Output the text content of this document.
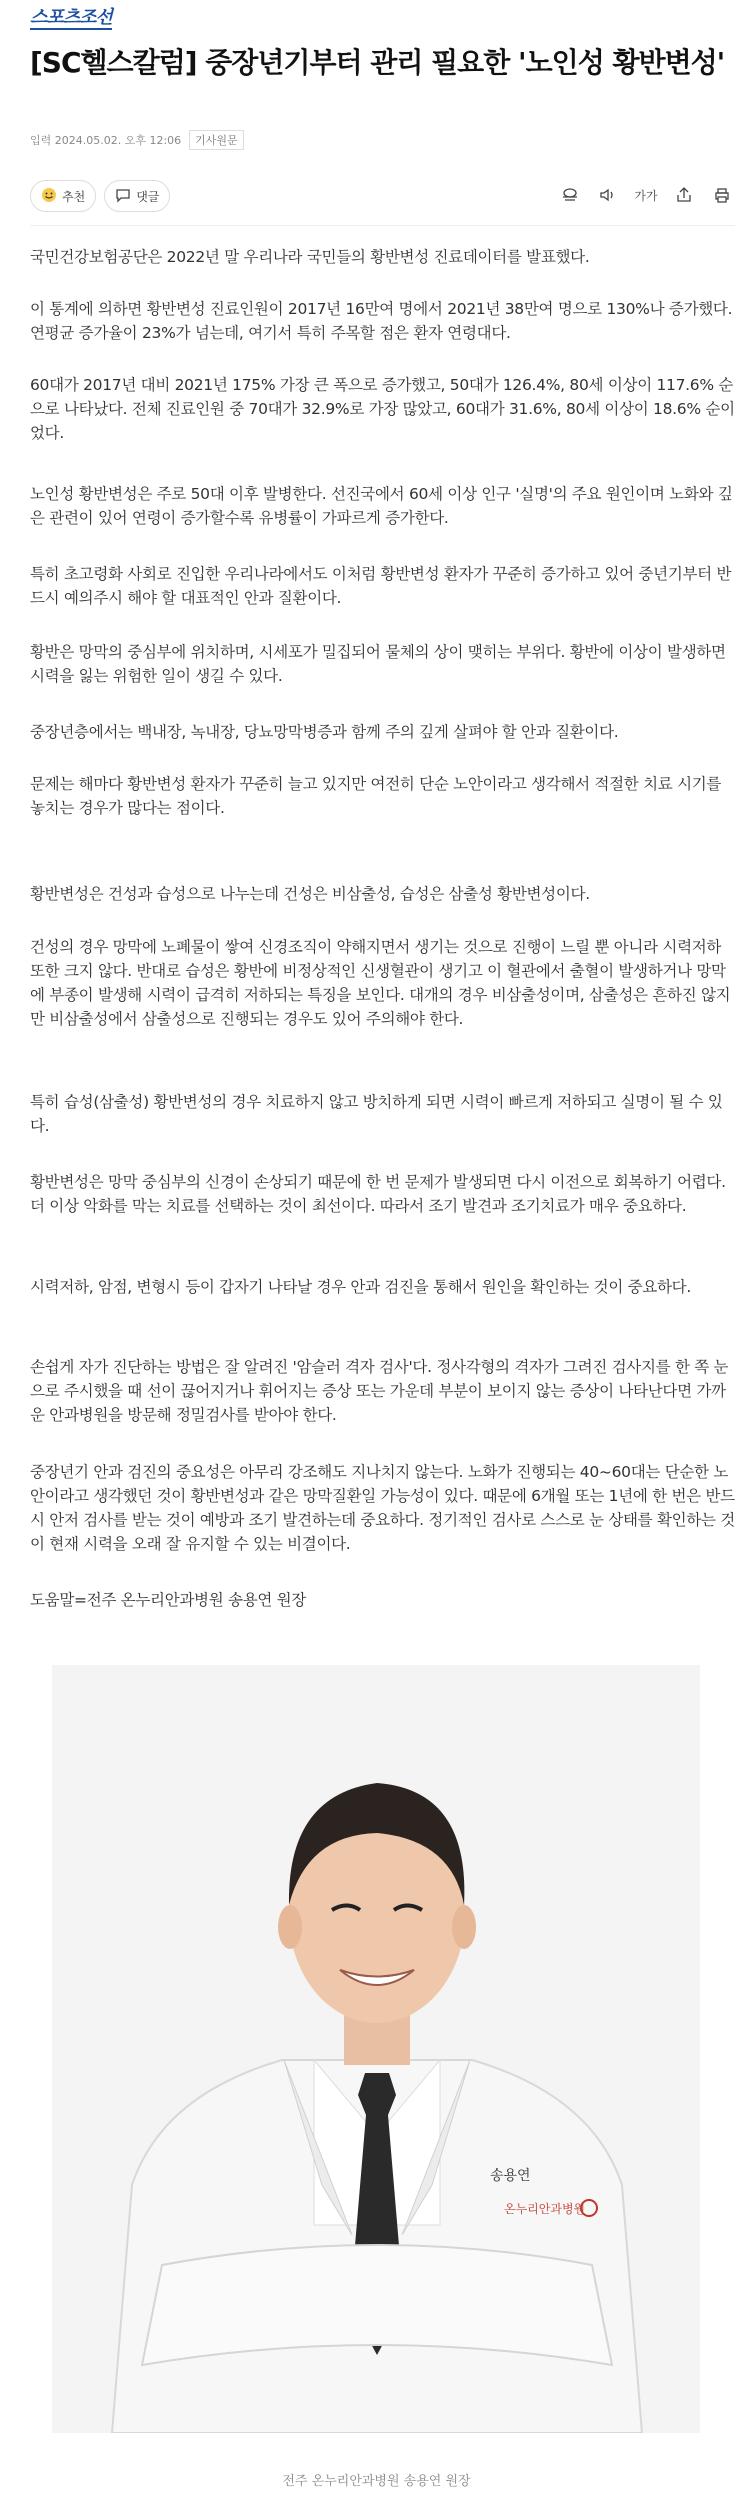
스포츠조선
[SC헬스칼럼] 중장년기부터 관리 필요한 '노인성 황반변성'
입력 2024.05.02. 오후 12:06	기사원문
추천	댓글	가가

국민건강보험공단은 2022년 말 우리나라 국민들의 황반변성 진료데이터를 발표했다.

이 통계에 의하면 황반변성 진료인원이 2017년 16만여 명에서 2021년 38만여 명으로 130%나 증가했다. 연평균 증가율이 23%가 넘는데, 여기서 특히 주목할 점은 환자 연령대다.

60대가 2017년 대비 2021년 175% 가장 큰 폭으로 증가했고, 50대가 126.4%, 80세 이상이 117.6% 순으로 나타났다. 전체 진료인원 중 70대가 32.9%로 가장 많았고, 60대가 31.6%, 80세 이상이 18.6% 순이었다.

노인성 황반변성은 주로 50대 이후 발병한다. 선진국에서 60세 이상 인구 '실명'의 주요 원인이며 노화와 깊은 관련이 있어 연령이 증가할수록 유병률이 가파르게 증가한다.

특히 초고령화 사회로 진입한 우리나라에서도 이처럼 황반변성 환자가 꾸준히 증가하고 있어 중년기부터 반드시 예의주시 해야 할 대표적인 안과 질환이다.

황반은 망막의 중심부에 위치하며, 시세포가 밀집되어 물체의 상이 맺히는 부위다. 황반에 이상이 발생하면 시력을 잃는 위험한 일이 생길 수 있다.

중장년층에서는 백내장, 녹내장, 당뇨망막병증과 함께 주의 깊게 살펴야 할 안과 질환이다.

문제는 해마다 황반변성 환자가 꾸준히 늘고 있지만 여전히 단순 노안이라고 생각해서 적절한 치료 시기를 놓치는 경우가 많다는 점이다.

황반변성은 건성과 습성으로 나누는데 건성은 비삼출성, 습성은 삼출성 황반변성이다.

건성의 경우 망막에 노폐물이 쌓여 신경조직이 약해지면서 생기는 것으로 진행이 느릴 뿐 아니라 시력저하 또한 크지 않다. 반대로 습성은 황반에 비정상적인 신생혈관이 생기고 이 혈관에서 출혈이 발생하거나 망막에 부종이 발생해 시력이 급격히 저하되는 특징을 보인다. 대개의 경우 비삼출성이며, 삼출성은 흔하진 않지만 비삼출성에서 삼출성으로 진행되는 경우도 있어 주의해야 한다.

특히 습성(삼출성) 황반변성의 경우 치료하지 않고 방치하게 되면 시력이 빠르게 저하되고 실명이 될 수 있다.

황반변성은 망막 중심부의 신경이 손상되기 때문에 한 번 문제가 발생되면 다시 이전으로 회복하기 어렵다. 더 이상 악화를 막는 치료를 선택하는 것이 최선이다. 따라서 조기 발견과 조기치료가 매우 중요하다.

시력저하, 암점, 변형시 등이 갑자기 나타날 경우 안과 검진을 통해서 원인을 확인하는 것이 중요하다.

손쉽게 자가 진단하는 방법은 잘 알려진 '암슬러 격자 검사'다. 정사각형의 격자가 그려진 검사지를 한 쪽 눈으로 주시했을 때 선이 끊어지거나 휘어지는 증상 또는 가운데 부분이 보이지 않는 증상이 나타난다면 가까운 안과병원을 방문해 정밀검사를 받아야 한다.

중장년기 안과 검진의 중요성은 아무리 강조해도 지나치지 않는다. 노화가 진행되는 40~60대는 단순한 노안이라고 생각했던 것이 황반변성과 같은 망막질환일 가능성이 있다. 때문에 6개월 또는 1년에 한 번은 반드시 안저 검사를 받는 것이 예방과 조기 발견하는데 중요하다. 정기적인 검사로 스스로 눈 상태를 확인하는 것이 현재 시력을 오래 잘 유지할 수 있는 비결이다.

도움말=전주 온누리안과병원 송용연 원장

송용연
온누리안과병원
전주 온누리안과병원 송용연 원장
